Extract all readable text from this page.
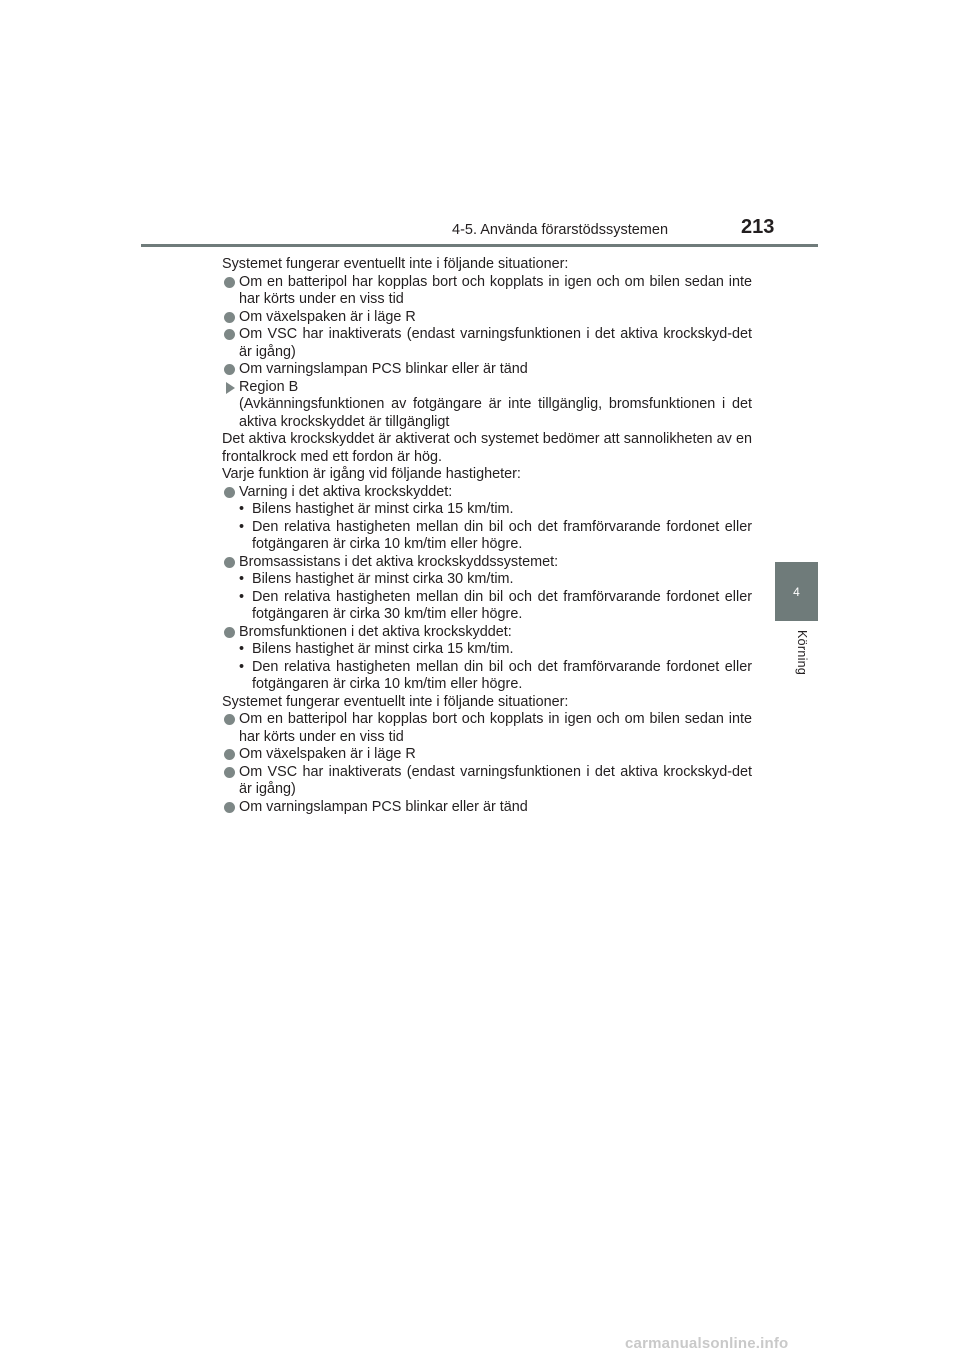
4-5. Använda förarstödssystemen	213
4
Körning

Systemet fungerar eventuellt inte i följande situationer:

Om en batteripol har kopplas bort och kopplats in igen och om bilen sedan inte har körts under en viss tid
Om växelspaken är i läge R
Om VSC har inaktiverats (endast varningsfunktionen i det aktiva krockskyd-det är igång)
Om varningslampan PCS blinkar eller är tänd
Region B
(Avkänningsfunktionen av fotgängare är inte tillgänglig, bromsfunktionen i det aktiva krockskyddet är tillgängligt

Det aktiva krockskyddet är aktiverat och systemet bedömer att sannolikheten av en frontalkrock med ett fordon är hög.

Varje funktion är igång vid följande hastigheter:

Varning i det aktiva krockskyddet:
• Bilens hastighet är minst cirka 15 km/tim.
• Den relativa hastigheten mellan din bil och det framförvarande fordonet eller fotgängaren är cirka 10 km/tim eller högre.
Bromsassistans i det aktiva krockskyddssystemet:
• Bilens hastighet är minst cirka 30 km/tim.
• Den relativa hastigheten mellan din bil och det framförvarande fordonet eller fotgängaren är cirka 30 km/tim eller högre.
Bromsfunktionen i det aktiva krockskyddet:
• Bilens hastighet är minst cirka 15 km/tim.
• Den relativa hastigheten mellan din bil och det framförvarande fordonet eller fotgängaren är cirka 10 km/tim eller högre.

Systemet fungerar eventuellt inte i följande situationer:

Om en batteripol har kopplas bort och kopplats in igen och om bilen sedan inte har körts under en viss tid
Om växelspaken är i läge R
Om VSC har inaktiverats (endast varningsfunktionen i det aktiva krockskyd-det är igång)
Om varningslampan PCS blinkar eller är tänd
carmanualsonline.info
